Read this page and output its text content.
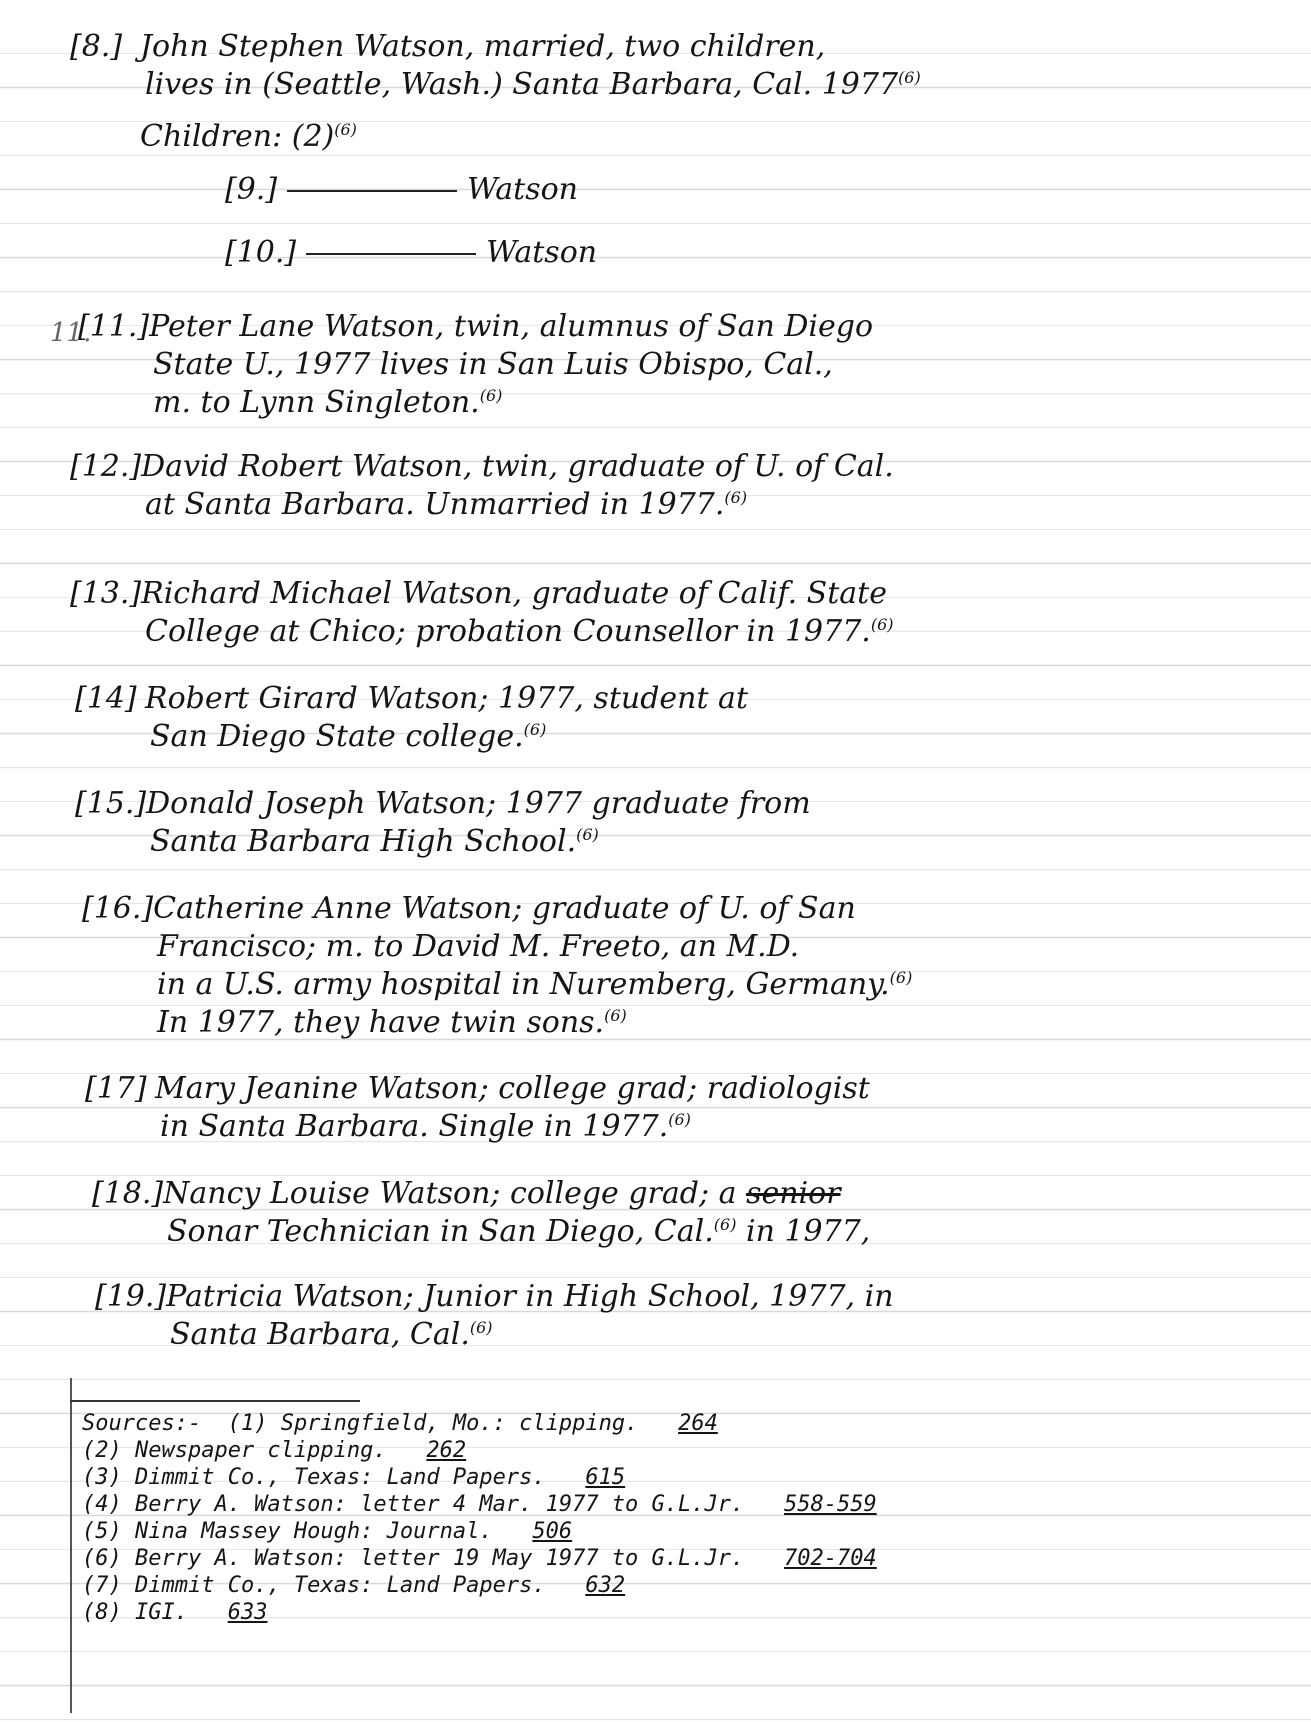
[8.] John Stephen Watson, married, two children,
lives in (Seattle, Wash.) Santa Barbara, Cal. 1977$^{(6)}$
Children: $(2)^{(6)}$
[9.]	Watson
[10.]	Watson
11.
[11.]Peter Lane Watson, twin, alumnus of San Diego
State U., 1977 lives in San Luis Obispo, Cal.,
m. to Lynn Singleton.$^{(6)}$
[12.]David Robert Watson, twin, graduate of U. of Cal.
at Santa Barbara. Unmarried in 1977.$^{(6)}$
[13.]Richard Michael Watson, graduate of Calif. State
College at Chico; probation Counsellor in 1977.$^{(6)}$
[14] Robert Girard Watson; 1977, student at
San Diego State college.$^{(6)}$
[15.]Donald Joseph Watson; 1977 graduate from
Santa Barbara High School.$^{(6)}$
[16.]Catherine Anne Watson; graduate of U. of San
Francisco; m. to David M. Freeto, an M.D.
in a U.S. army hospital in Nuremberg, Germany.$^{(6)}$
In 1977, they have twin sons.$^{(6)}$
[17] Mary Jeanine Watson; college grad; radiologist
in Santa Barbara. Single in 1977.$^{(6)}$
[18.]Nancy Louise Watson; college grad; a senior
Sonar Technician in San Diego, Cal.$^{(6)}$ in 1977,
[19.]Patricia Watson; Junior in High School, 1977, in
Santa Barbara, Cal.$^{(6)}$
Sources:- (1) Springfield, Mo.: clipping. 264
(2) Newspaper clipping. 262
(3) Dimmit Co., Texas: Land Papers. 615
(4) Berry A. Watson: letter 4 Mar. 1977 to G.L.Jr. 558-559
(5) Nina Massey Hough: Journal. 506
(6) Berry A. Watson: letter 19 May 1977 to G.L.Jr. 702-704
(7) Dimmit Co., Texas: Land Papers. 632
(8) IGI. 633
